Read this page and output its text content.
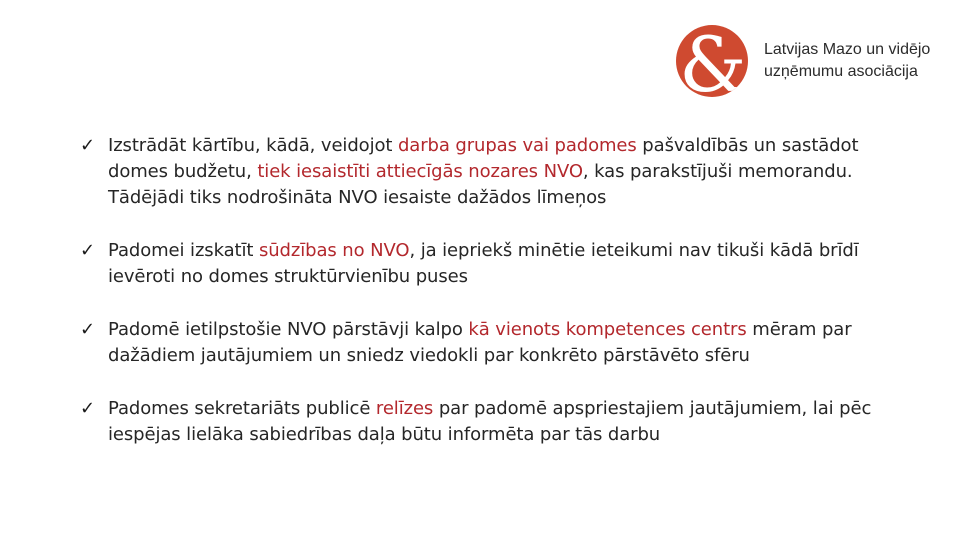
& Latvijas Mazo un vidējo
uzņēmumu asociācija
✓ Izstrādāt kārtību, kādā, veidojot darba grupas vai padomes pašvaldībās un sastādot domes budžetu, tiek iesaistīti attiecīgās nozares NVO, kas parakstījuši memorandu. Tādējādi tiks nodrošināta NVO iesaiste dažādos līmeņos
✓ Padomei izskatīt sūdzības no NVO, ja iepriekš minētie ieteikumi nav tikuši kādā brīdī ievēroti no domes struktūrvienību puses
✓ Padomē ietilpstošie NVO pārstāvji kalpo kā vienots kompetences centrs mēram par dažādiem jautājumiem un sniedz viedokli par konkrēto pārstāvēto sfēru
✓ Padomes sekretariāts publicē relīzes par padomē apspriestajiem jautājumiem, lai pēc iespējas lielāka sabiedrības daļa būtu informēta par tās darbu
